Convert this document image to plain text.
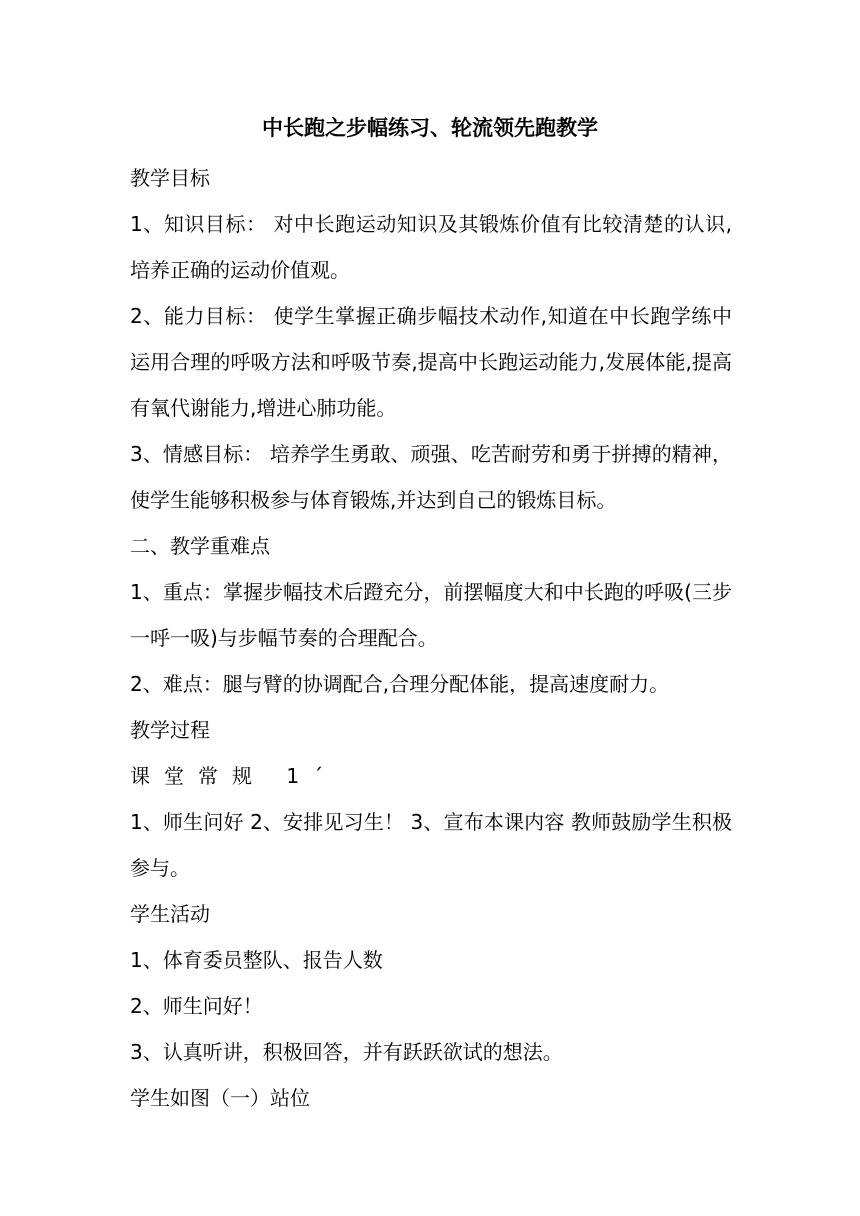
中长跑之步幅练习、轮流领先跑教学

教学目标

1、知识目标： 对中长跑运动知识及其锻炼价值有比较清楚的认识,培养正确的运动价值观。

2、能力目标： 使学生掌握正确步幅技术动作,知道在中长跑学练中运用合理的呼吸方法和呼吸节奏,提高中长跑运动能力,发展体能,提高有氧代谢能力,增进心肺功能。

3、情感目标： 培养学生勇敢、顽强、吃苦耐劳和勇于拼搏的精神，使学生能够积极参与体育锻炼,并达到自己的锻炼目标。

二、教学重难点

1、重点：掌握步幅技术后蹬充分，前摆幅度大和中长跑的呼吸(三步一呼一吸)与步幅节奏的合理配合。

2、难点：腿与臂的协调配合,合理分配体能，提高速度耐力。

教学过程

课堂常规 1ˊ

1、师生问好 2、安排见习生！ 3、宣布本课内容 教师鼓励学生积极参与。

学生活动

1、体育委员整队、报告人数

2、师生问好！

3、认真听讲，积极回答，并有跃跃欲试的想法。

学生如图（一）站位
